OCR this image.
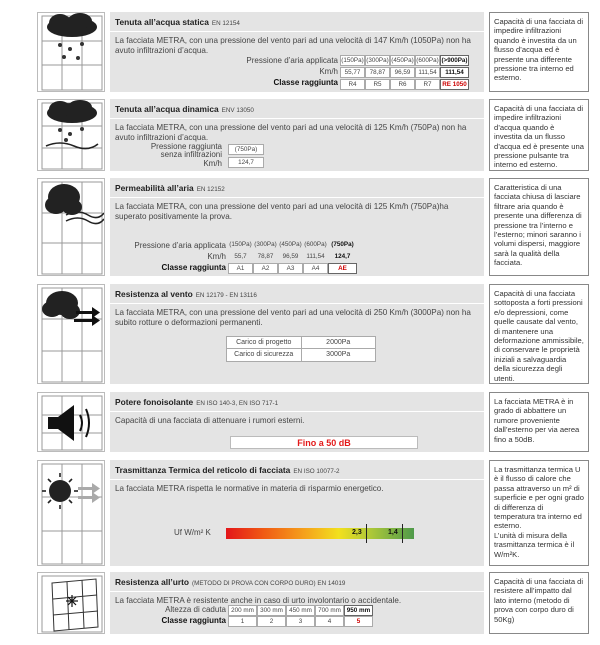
Tenuta all’acqua statica EN 12154
La facciata METRA, con una pressione del vento pari ad una velocità di 147 Km/h (1050Pa) non ha avuto infiltrazioni d’acqua.
Pressione d’aria applicata
Km/h
Classe raggiunta
(150Pa) (300Pa) (450Pa) (600Pa) (>900Pa)
55,77	78,87	96,59	111,54	111,54
R4	R5	R6	R7	RE 1050
Capacità di una facciata di impedire infiltrazioni quando è investita da un flusso d’acqua ed è presente una differente pressione tra interno ed esterno.
Tenuta all’acqua dinamica ENV 13050
La facciata METRA, con una pressione del vento pari ad una velocità di 125 Km/h (750Pa) non ha avuto infiltrazioni d’acqua.
Pressione raggiunta senza infiltrazioni
Km/h
(750Pa)
124,7
Capacità di una facciata di impedire infiltrazioni d’acqua quando è investita da un flusso d’acqua ed è presente una pressione pulsante tra interno ed esterno.
Permeabilità all’aria EN 12152
La facciata METRA, con una pressione del vento pari ad una velocità di 125 Km/h (750Pa)ha superato positivamente la prova.
Pressione d’aria applicata
Km/h
Classe raggiunta
(150Pa) (300Pa) (450Pa) (600Pa) (750Pa)
55,7	78,87	96,59	111,54	124,7
A1	A2	A3	A4	AE
Caratteristica di una facciata chiusa di lasciare filtrare aria quando è presente una differenza di pressione tra l’interno e l’esterno; minori saranno i volumi dispersi, maggiore sarà la qualità della facciata.
Resistenza al vento EN 12179 - EN 13116
La facciata METRA, con una pressione del vento pari ad una velocità di 250 Km/h (3000Pa) non ha subito rotture o deformazioni permanenti.
Carico di progetto	2000Pa
Carico di sicurezza	3000Pa
Capacità di una facciata sottoposta a forti pressioni e/o depressioni, come quelle causate dal vento, di mantenere una deformazione ammissibile, di conservare le proprietà iniziali a salvaguardia della sicurezza degli utenti.
Potere fonoisolante EN ISO 140-3, EN ISO 717-1
Capacità di una facciata di attenuare i rumori esterni.
Fino a 50 dB
La facciata METRA è in grado di abbattere un rumore proveniente dall’esterno per via aerea fino a 50dB.
Trasmittanza Termica del reticolo di facciata EN ISO 10077-2
La facciata METRA rispetta le normative in materia di risparmio energetico.
Uf W/m² K	2,3	1,4
La trasmittanza termica U è il flusso di calore che passa attraverso un m² di superficie e per ogni grado di differenza di temperatura tra interno ed esterno.
L’unità di misura della trasmittanza termica è il W/m²K.
Resistenza all’urto (METODO DI PROVA CON CORPO DURO) EN 14019
La facciata METRA è resistente anche in caso di urto involontario o accidentale.
Altezza di caduta
Classe raggiunta
200 mm 300 mm 450 mm 700 mm 950 mm
1	2	3	4	5
Capacità di una facciata di resistere all’impatto dal lato interno (metodo di prova con corpo duro di 50Kg)
